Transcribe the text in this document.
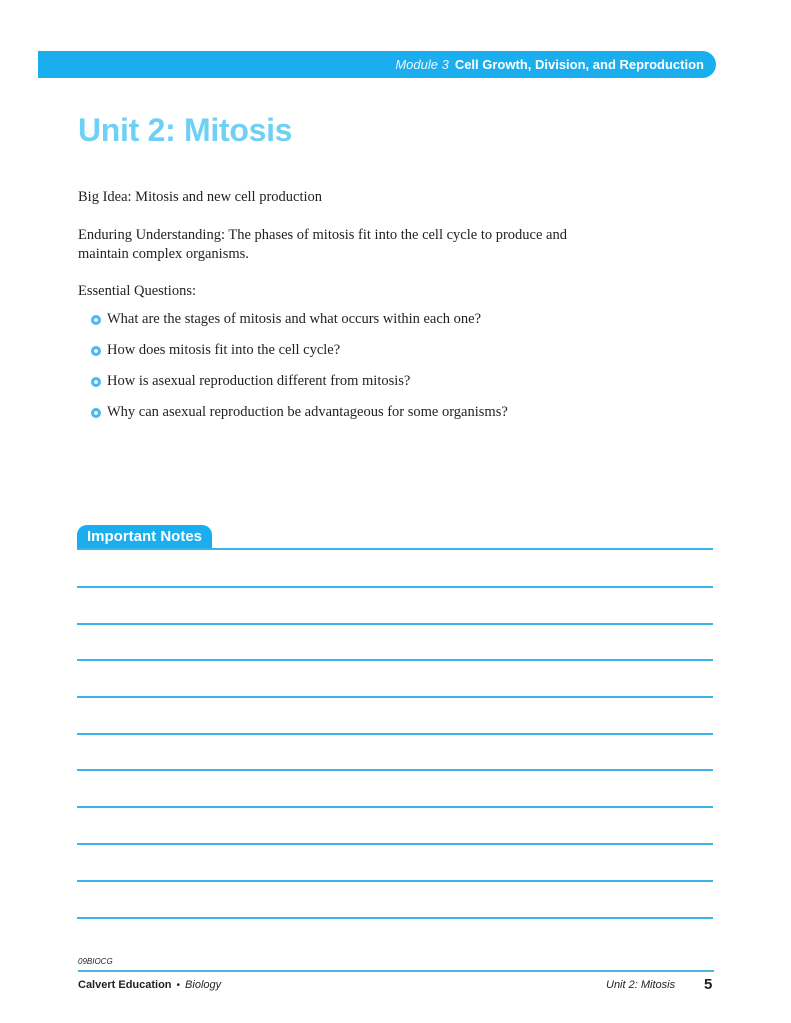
Module 3 Cell Growth, Division, and Reproduction
Unit 2: Mitosis

Big Idea: Mitosis and new cell production

Enduring Understanding: The phases of mitosis fit into the cell cycle to produce and maintain complex organisms.

Essential Questions:

What are the stages of mitosis and what occurs within each one?
How does mitosis fit into the cell cycle?
How is asexual reproduction different from mitosis?
Why can asexual reproduction be advantageous for some organisms?
Important Notes
09BIOCG
Calvert Education • Biology	Unit 2: Mitosis 5
